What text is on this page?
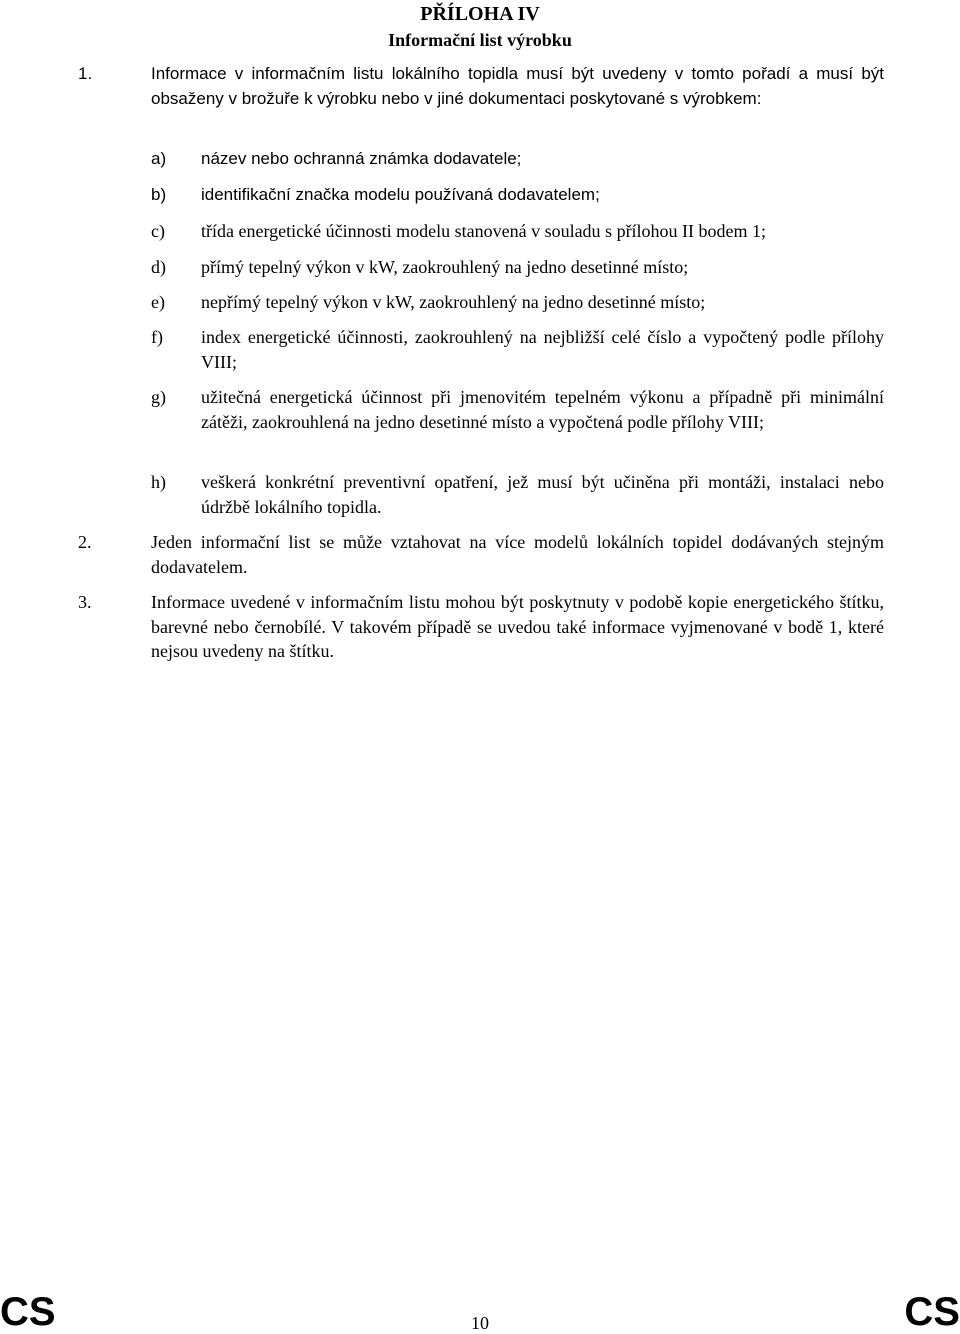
PŘÍLOHA IV
Informační list výrobku
1.	Informace v informačním listu lokálního topidla musí být uvedeny v tomto pořadí a musí být obsaženy v brožuře k výrobku nebo v jiné dokumentaci poskytované s výrobkem:
a) název nebo ochranná známka dodavatele;
b) identifikační značka modelu používaná dodavatelem;
c) třída energetické účinnosti modelu stanovená v souladu s přílohou II bodem 1;
d) přímý tepelný výkon v kW, zaokrouhlený na jedno desetinné místo;
e) nepřímý tepelný výkon v kW, zaokrouhlený na jedno desetinné místo;
f) index energetické účinnosti, zaokrouhlený na nejbližší celé číslo a vypočtený podle přílohy VIII;
g) užitečná energetická účinnost při jmenovitém tepelném výkonu a případně při minimální zátěži, zaokrouhlená na jedno desetinné místo a vypočtená podle přílohy VIII;
h) veškerá konkrétní preventivní opatření, jež musí být učiněna při montáži, instalaci nebo údržbě lokálního topidla.
2.	Jeden informační list se může vztahovat na více modelů lokálních topidel dodávaných stejným dodavatelem.
3.	Informace uvedené v informačním listu mohou být poskytnuty v podobě kopie energetického štítku, barevné nebo černobílé. V takovém případě se uvedou také informace vyjmenované v bodě 1, které nejsou uvedeny na štítku.
CS	10	CS
